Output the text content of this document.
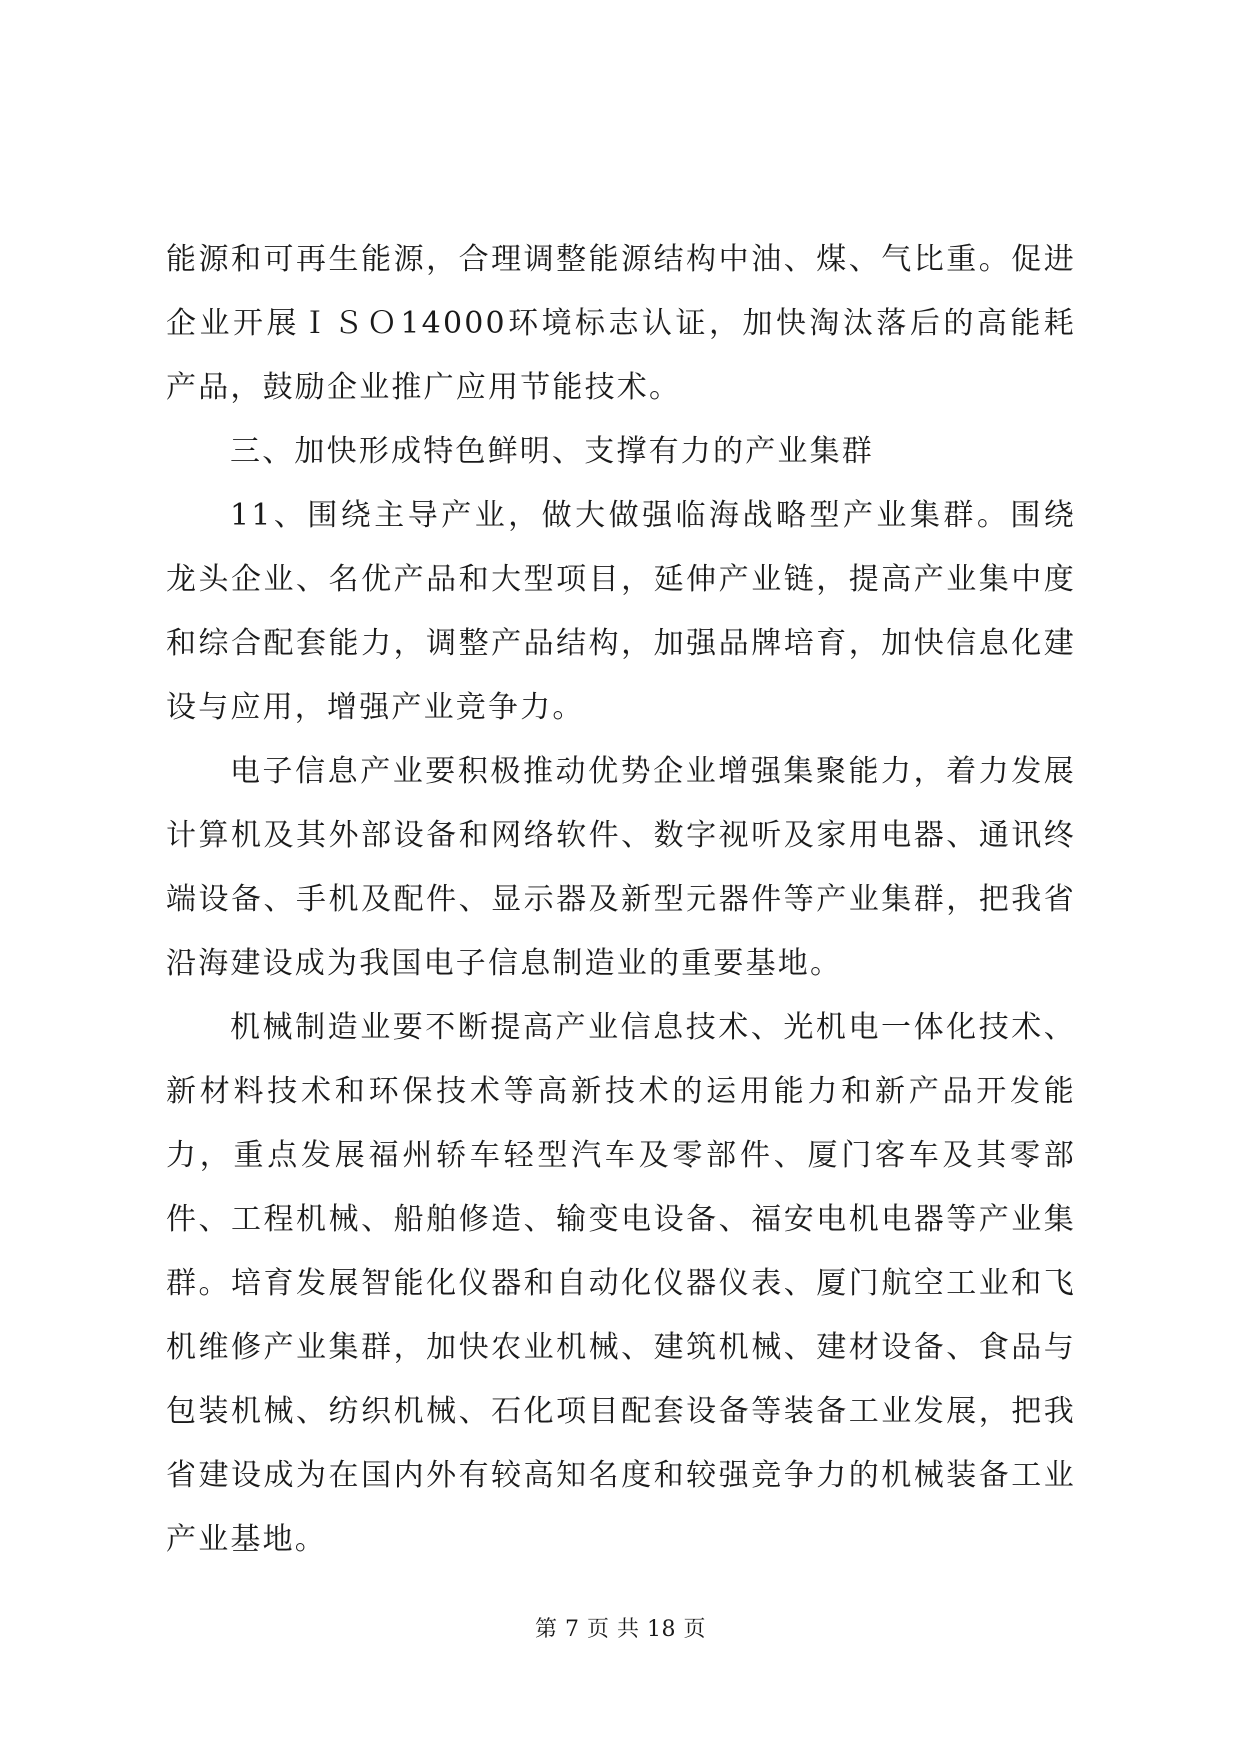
能源和可再生能源，合理调整能源结构中油、煤、气比重。促进企业开展ＩＳＯ14000环境标志认证，加快淘汰落后的高能耗产品，鼓励企业推广应用节能技术。

三、加快形成特色鲜明、支撑有力的产业集群

11、围绕主导产业，做大做强临海战略型产业集群。围绕龙头企业、名优产品和大型项目，延伸产业链，提高产业集中度和综合配套能力，调整产品结构，加强品牌培育，加快信息化建设与应用，增强产业竞争力。

电子信息产业要积极推动优势企业增强集聚能力，着力发展计算机及其外部设备和网络软件、数字视听及家用电器、通讯终端设备、手机及配件、显示器及新型元器件等产业集群，把我省沿海建设成为我国电子信息制造业的重要基地。

机械制造业要不断提高产业信息技术、光机电一体化技术、新材料技术和环保技术等高新技术的运用能力和新产品开发能力，重点发展福州轿车轻型汽车及零部件、厦门客车及其零部件、工程机械、船舶修造、输变电设备、福安电机电器等产业集群。培育发展智能化仪器和自动化仪器仪表、厦门航空工业和飞机维修产业集群，加快农业机械、建筑机械、建材设备、食品与包装机械、纺织机械、石化项目配套设备等装备工业发展，把我省建设成为在国内外有较高知名度和较强竞争力的机械装备工业产业基地。

第 7 页 共 18 页
